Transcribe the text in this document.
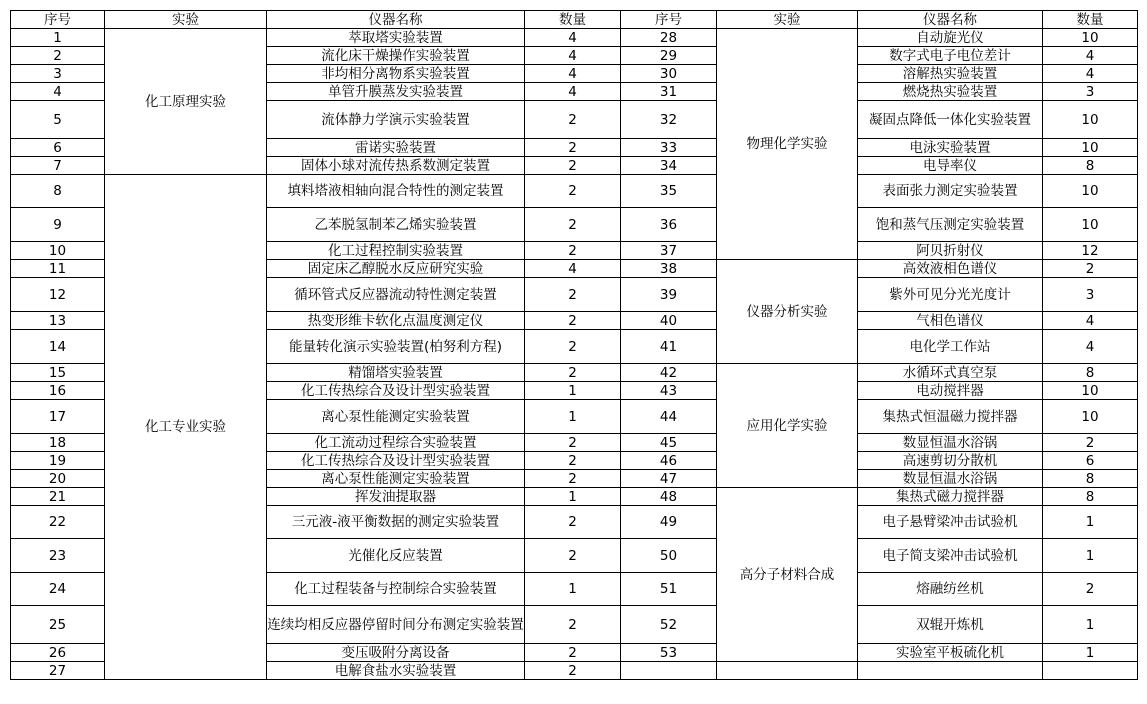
序号	实验	仪器名称	数量	序号	实验	仪器名称	数量
1	化工原理实验	萃取塔实验装置	4	28	物理化学实验	自动旋光仪	10
2		流化床干燥操作实验装置	4	29		数字式电子电位差计	4
3		非均相分离物系实验装置	4	30		溶解热实验装置	4
4		单管升膜蒸发实验装置	4	31		燃烧热实验装置	3
5		流体静力学演示实验装置	2	32		凝固点降低一体化实验装置	10
6		雷诺实验装置	2	33		电泳实验装置	10
7		固体小球对流传热系数测定装置	2	34		电导率仪	8
8	化工专业实验	填料塔液相轴向混合特性的测定装置	2	35		表面张力测定实验装置	10
9		乙苯脱氢制苯乙烯实验装置	2	36		饱和蒸气压测定实验装置	10
10		化工过程控制实验装置	2	37		阿贝折射仪	12
11		固定床乙醇脱水反应研究实验	4	38	仪器分析实验	高效液相色谱仪	2
12		循环管式反应器流动特性测定装置	2	39		紫外可见分光光度计	3
13		热变形维卡软化点温度测定仪	2	40		气相色谱仪	4
14		能量转化演示实验装置(柏努利方程)	2	41		电化学工作站	4
15		精馏塔实验装置	2	42	应用化学实验	水循环式真空泵	8
16		化工传热综合及设计型实验装置	1	43		电动搅拌器	10
17		离心泵性能测定实验装置	1	44		集热式恒温磁力搅拌器	10
18		化工流动过程综合实验装置	2	45		数显恒温水浴锅	2
19		化工传热综合及设计型实验装置	2	46		高速剪切分散机	6
20		离心泵性能测定实验装置	2	47		数显恒温水浴锅	8
21		挥发油提取器	1	48	高分子材料合成	集热式磁力搅拌器	8
22		三元液-液平衡数据的测定实验装置	2	49		电子悬臂梁冲击试验机	1
23		光催化反应装置	2	50		电子简支梁冲击试验机	1
24		化工过程装备与控制综合实验装置	1	51		熔融纺丝机	2
25		连续均相反应器停留时间分布测定实验装置	2	52		双辊开炼机	1
26		变压吸附分离设备	2	53		实验室平板硫化机	1
27		电解食盐水实验装置	2				
